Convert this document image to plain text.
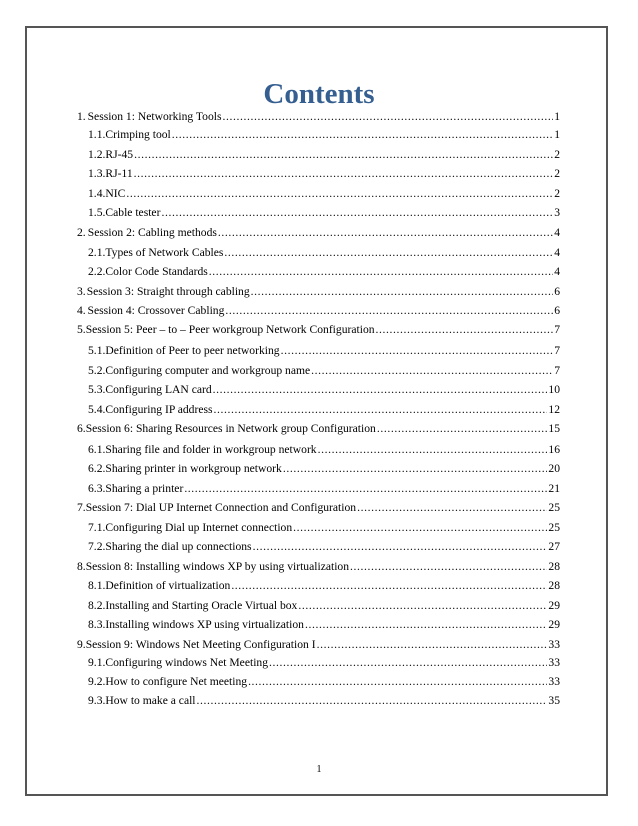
Contents
1. Session 1: Networking Tools .....	1
1.1. Crimping tool .....	1
1.2. RJ-45 .....	2
1.3. RJ-11 .....	2
1.4. NIC .....	2
1.5. Cable tester .....	3
2. Session 2: Cabling methods .....	4
2.1. Types of Network Cables .....	4
2.2. Color Code Standards .....	4
3. Session 3: Straight through cabling .....	6
4. Session 4: Crossover Cabling .....	6
5. Session 5: Peer – to – Peer workgroup Network Configuration .....	7
5.1. Definition of Peer to peer networking .....	7
5.2. Configuring computer and workgroup name .....	7
5.3. Configuring LAN card .....	10
5.4. Configuring IP address .....	12
6. Session 6: Sharing Resources in Network group Configuration .....	15
6.1. Sharing file and folder in workgroup network .....	16
6.2. Sharing printer in workgroup network .....	20
6.3. Sharing a printer .....	21
7. Session 7: Dial UP Internet Connection and Configuration .....	25
7.1. Configuring Dial up Internet connection .....	25
7.2. Sharing the dial up connections .....	27
8. Session 8: Installing windows XP by using virtualization .....	28
8.1. Definition of virtualization .....	28
8.2. Installing and Starting Oracle Virtual box .....	29
8.3. Installing windows XP using virtualization .....	29
9. Session 9: Windows Net Meeting Configuration I .....	33
9.1. Configuring windows Net Meeting .....	33
9.2. How to configure Net meeting .....	33
9.3. How to make a call .....	35
1
